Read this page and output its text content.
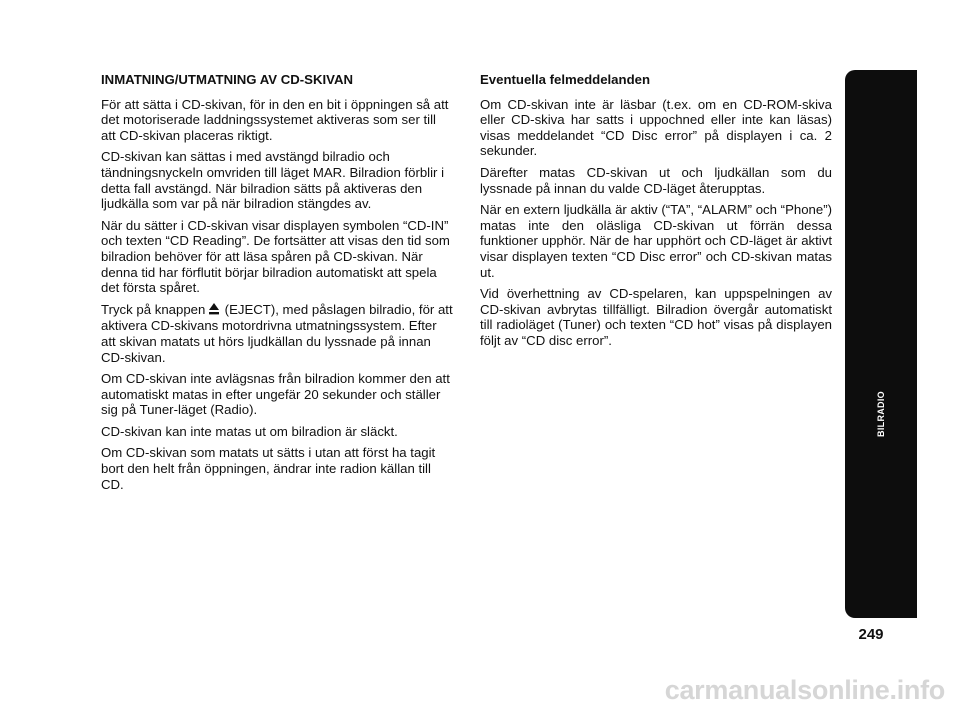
INMATNING/UTMATNING AV CD-SKIVAN

För att sätta i CD-skivan, för in den en bit i öppningen så att det motoriserade laddningssystemet aktiveras som ser till att CD-skivan placeras riktigt.

CD-skivan kan sättas i med avstängd bilradio och tändningsnyckeln omvriden till läget MAR. Bilradion förblir i detta fall avstängd. När bilradion sätts på aktiveras den ljudkälla som var på när bilradion stängdes av.

När du sätter i CD-skivan visar displayen symbolen “CD-IN” och texten “CD Reading”. De fortsätter att visas den tid som bilradion behöver för att läsa spåren på CD-skivan. När denna tid har förflutit börjar bilradion automatiskt att spela det första spåret.

Tryck på knappen  (EJECT), med påslagen bilradio, för att aktivera CD-skivans motordrivna utmatningssystem. Efter att skivan matats ut hörs ljudkällan du lyssnade på innan CD-skivan.

Om CD-skivan inte avlägsnas från bilradion kommer den att automatiskt matas in efter ungefär 20 sekunder och ställer sig på Tuner-läget (Radio).

CD-skivan kan inte matas ut om bilradion är släckt.

Om CD-skivan som matats ut sätts i utan att först ha tagit bort den helt från öppningen, ändrar inte radion källan till CD.

Eventuella felmeddelanden

Om CD-skivan inte är läsbar (t.ex. om en CD-ROM-skiva eller CD-skiva har satts i uppochned eller inte kan läsas) visas meddelandet “CD Disc error” på displayen i ca. 2 sekunder.

Därefter matas CD-skivan ut och ljudkällan som du lyssnade på innan du valde CD-läget återupptas.

När en extern ljudkälla är aktiv (“TA”, “ALARM” och “Phone”) matas inte den oläsliga CD-skivan ut förrän dessa funktioner upphör. När de har upphört och CD-läget är aktivt visar displayen texten “CD Disc error” och CD-skivan matas ut.

Vid överhettning av CD-spelaren, kan uppspelningen av CD-skivan avbrytas tillfälligt. Bilradion övergår automatiskt till radioläget (Tuner) och texten “CD hot” visas på displayen följt av “CD disc error”.

BILRADIO
249
carmanualsonline.info
